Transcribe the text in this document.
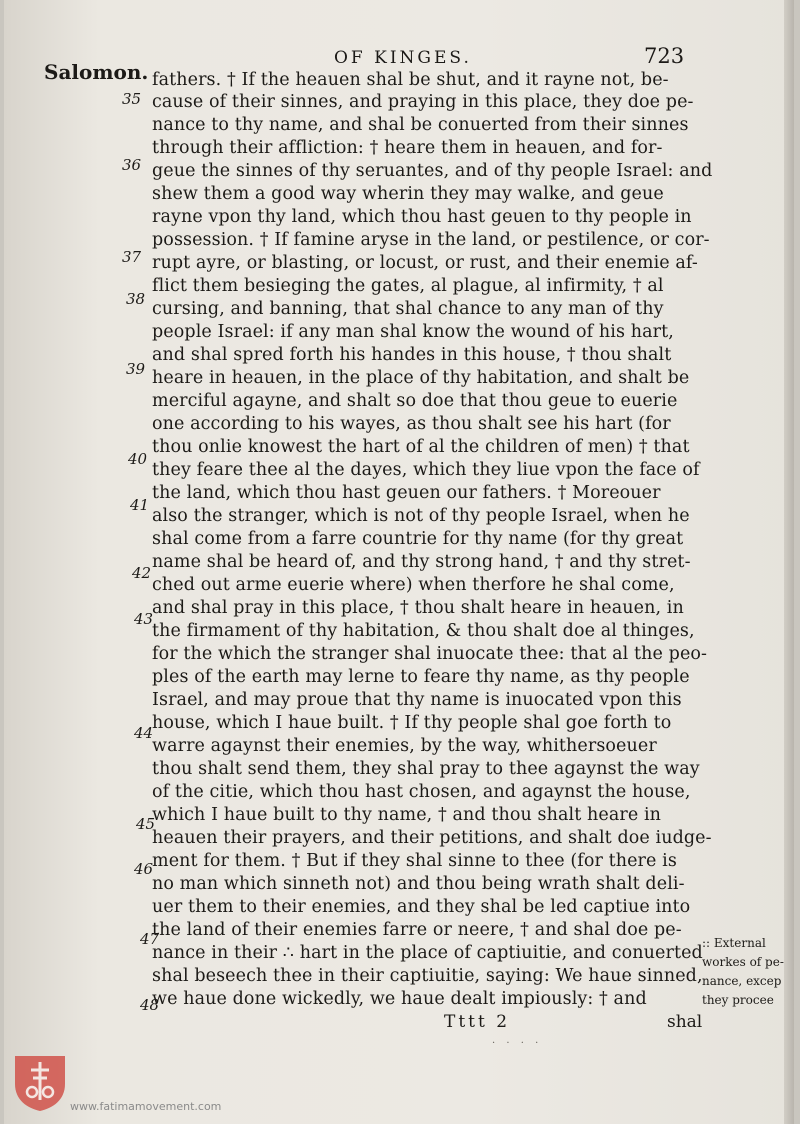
Salomon.
OF KINGES.	723
35
fathers. † If the heauen shal be shut, and it rayne not, be-
cause of their sinnes, and praying in this place, they doe pe-
nance to thy name, and shal be conuerted from their sinnes
36
through their affliction: † heare them in heauen, and for-
geue the sinnes of thy seruantes, and of thy people Israel: and
shew them a good way wherin they may walke, and geue
rayne vpon thy land, which thou hast geuen to thy people in
37
possession. † If famine aryse in the land, or pestilence, or cor-
rupt ayre, or blasting, or locust, or rust, and their enemie af-
38
flict them besieging the gates, al plague, al infirmity, † al
cursing, and banning, that shal chance to any man of thy
people Israel: if any man shal know the wound of his hart,
39
and shal spred forth his handes in this house, † thou shalt
heare in heauen, in the place of thy habitation, and shalt be
merciful agayne, and shalt so doe that thou geue to euerie
one according to his wayes, as thou shalt see his hart (for
40
thou onlie knowest the hart of al the children of men) † that
they feare thee al the dayes, which they liue vpon the face of
41
the land, which thou hast geuen our fathers. † Moreouer
also the stranger, which is not of thy people Israel, when he
shal come from a farre countrie for thy name (for thy great
42
name shal be heard of, and thy strong hand, † and thy stret-
ched out arme euerie where) when therfore he shal come,
43
and shal pray in this place, † thou shalt heare in heauen, in
the firmament of thy habitation, & thou shalt doe al thinges,
for the which the stranger shal inuocate thee: that al the peo-
ples of the earth may lerne to feare thy name, as thy people
Israel, and may proue that thy name is inuocated vpon this
44
house, which I haue built. † If thy people shal goe forth to
warre agaynst their enemies, by the way, whithersoeuer
thou shalt send them, they shal pray to thee agaynst the way
of the citie, which thou hast chosen, and agaynst the house,
45
which I haue built to thy name, † and thou shalt heare in
heauen their prayers, and their petitions, and shalt doe iudge-
46
ment for them. † But if they shal sinne to thee (for there is
no man which sinneth not) and thou being wrath shalt deli-
uer them to their enemies, and they shal be led captiue into
47
the land of their enemies farre or neere, † and shal doe pe-
nance in their ∴ hart in the place of captiuitie, and conuerted
shal beseech thee in their captiuitie, saying: We haue sinned,
48
we haue done wickedly, we haue dealt impiously: † and
:: External
workes of pe-
nance, excep
they procee
Tttt 2	shal
· · · ·
www.fatimamovement.com
